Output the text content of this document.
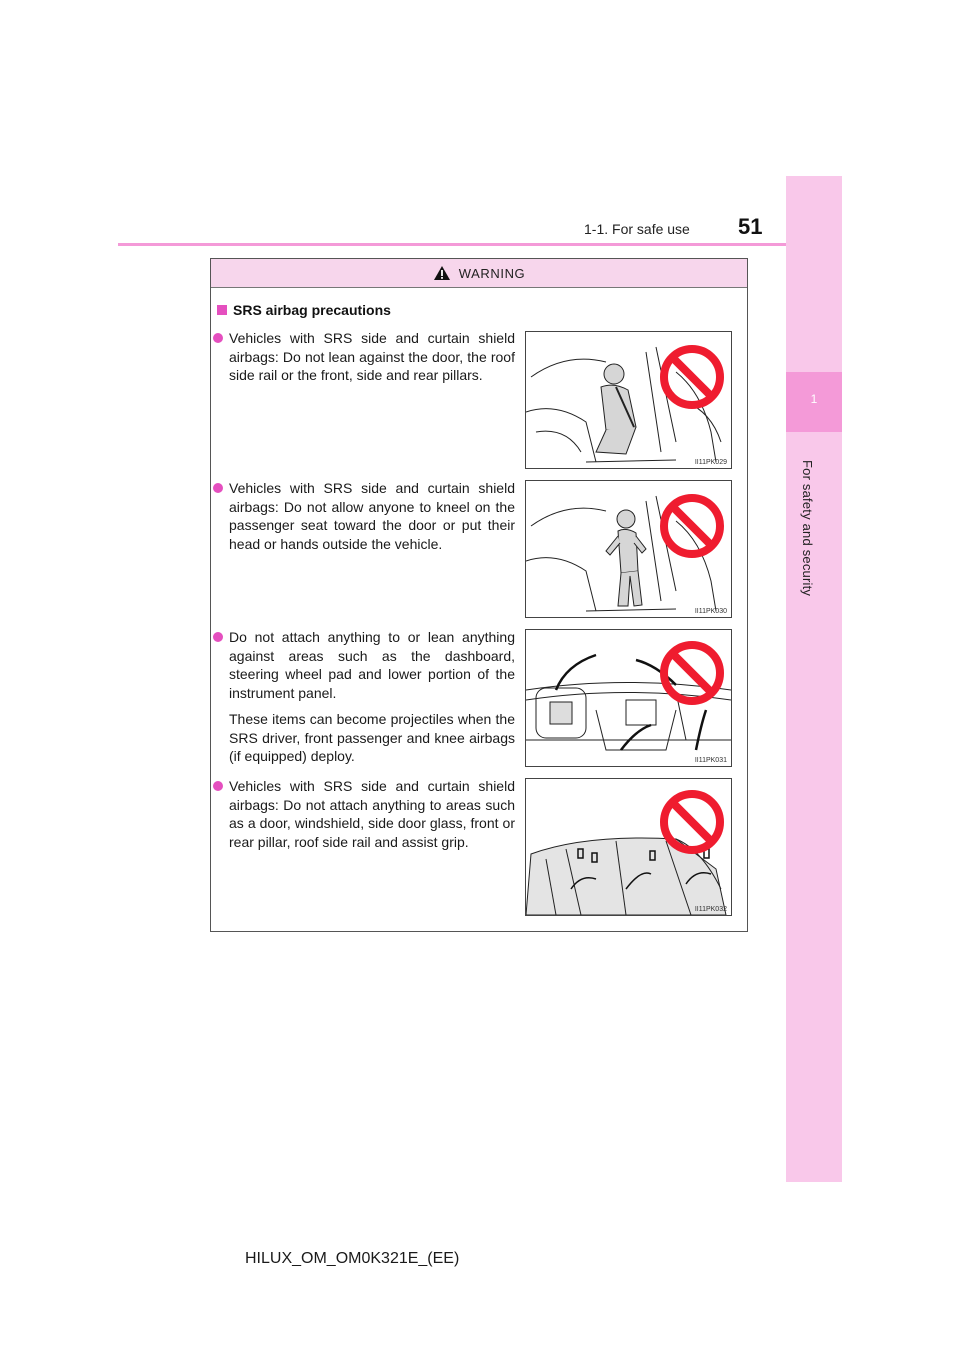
1-1. For safe use 51
1
For safety and security
WARNING
SRS airbag precautions

Vehicles with SRS side and curtain shield airbags: Do not lean against the door, the roof side rail or the front, side and rear pillars.

II11PK029

Vehicles with SRS side and curtain shield airbags: Do not allow anyone to kneel on the passenger seat toward the door or put their head or hands outside the vehicle.

II11PK030

Do not attach anything to or lean anything against areas such as the dashboard, steering wheel pad and lower portion of the instrument panel.

These items can become projectiles when the SRS driver, front passenger and knee airbags (if equipped) deploy.	II11PK031

Vehicles with SRS side and curtain shield airbags: Do not attach anything to areas such as a door, windshield, side door glass, front or rear pillar, roof side rail and assist grip.

II11PK032
HILUX_OM_OM0K321E_(EE)
